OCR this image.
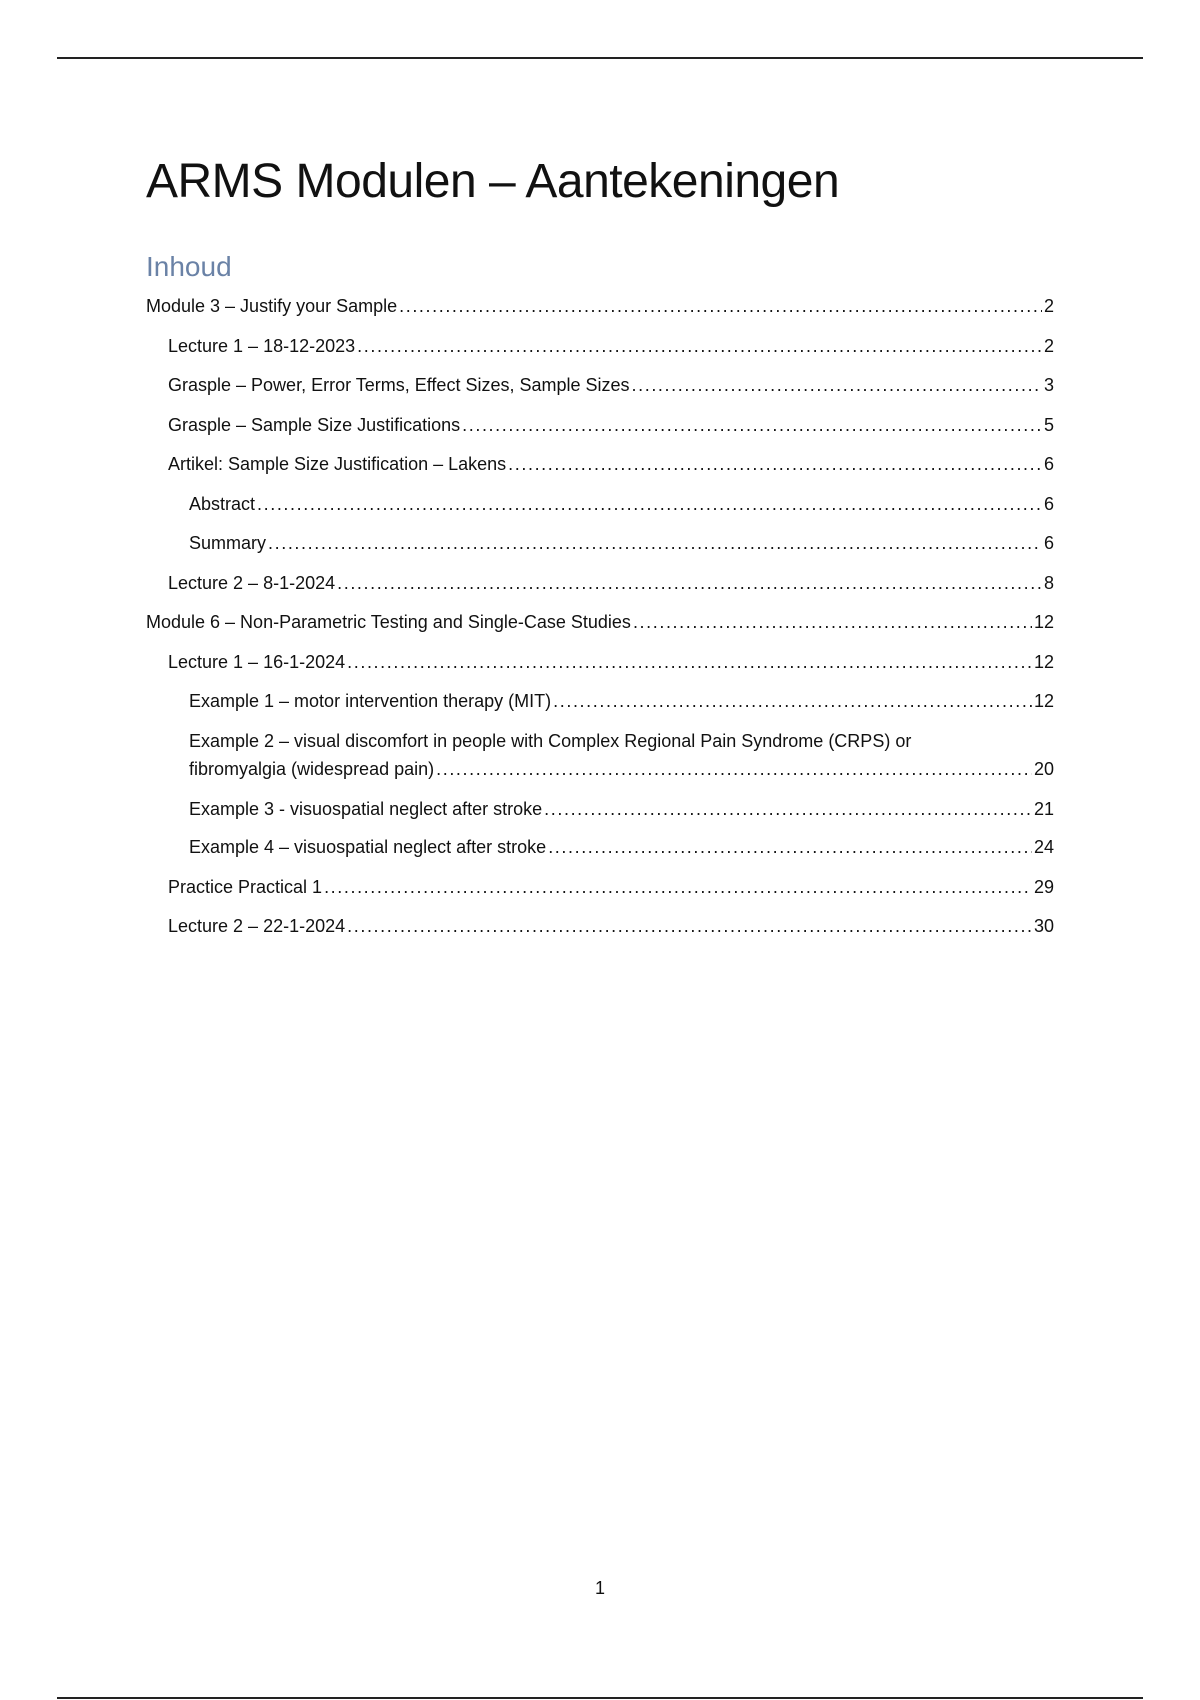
ARMS Modulen – Aantekeningen
Inhoud
Module 3 – Justify your Sample .....	2
Lecture 1 – 18-12-2023 .....	2
Grasple – Power, Error Terms, Effect Sizes, Sample Sizes .....	3
Grasple – Sample Size Justifications .....	5
Artikel: Sample Size Justification – Lakens .....	6
Abstract .....	6
Summary .....	6
Lecture 2 – 8-1-2024 .....	8
Module 6 – Non-Parametric Testing and Single-Case Studies .....	12
Lecture 1 – 16-1-2024 .....	12
Example 1 – motor intervention therapy (MIT) .....	12
Example 2 – visual discomfort in people with Complex Regional Pain Syndrome (CRPS) or
fibromyalgia (widespread pain) .....	20
Example 3 - visuospatial neglect after stroke .....	21
Example 4 – visuospatial neglect after stroke .....	24
Practice Practical 1 .....	29
Lecture 2 – 22-1-2024 .....	30
1
